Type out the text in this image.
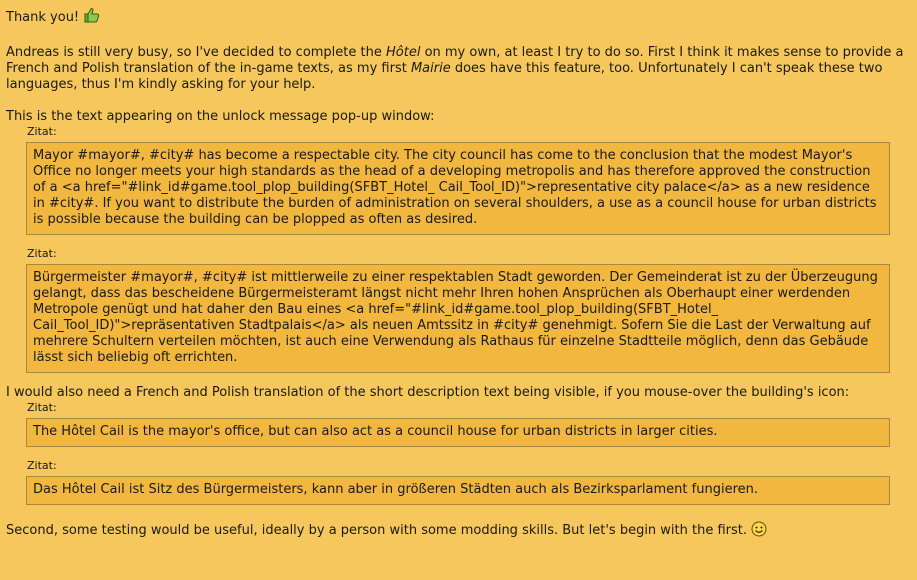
Thank you!

Andreas is still very busy, so I've decided to complete the Hôtel on my own, at least I try to do so. First I think it makes sense to provide a French and Polish translation of the in-game texts, as my first Mairie does have this feature, too. Unfortunately I can't speak these two languages, thus I'm kindly asking for your help.

This is the text appearing on the unlock message pop-up window:

Zitat:
Mayor #mayor#, #city# has become a respectable city. The city council has come to the conclusion that the modest Mayor's Office no longer meets your high standards as the head of a developing metropolis and has therefore approved the construction of a <a href="#link_id#game.tool_plop_building(SFBT_Hotel_ Cail_Tool_ID)">representative city palace</a> as a new residence in #city#. If you want to distribute the burden of administration on several shoulders, a use as a council house for urban districts is possible because the building can be plopped as often as desired.
Zitat:
Bürgermeister #mayor#, #city# ist mittlerweile zu einer respektablen Stadt geworden. Der Gemeinderat ist zu der Überzeugung gelangt, dass das bescheidene Bürgermeisteramt längst nicht mehr Ihren hohen Ansprüchen als Oberhaupt einer werdenden Metropole genügt und hat daher den Bau eines <a href="#link_id#game.tool_plop_building(SFBT_Hotel_ Cail_Tool_ID)">repräsentativen Stadtpalais</a> als neuen Amtssitz in #city# genehmigt. Sofern Sie die Last der Verwaltung auf mehrere Schultern verteilen möchten, ist auch eine Verwendung als Rathaus für einzelne Stadtteile möglich, denn das Gebäude lässt sich beliebig oft errichten.

I would also need a French and Polish translation of the short description text being visible, if you mouse-over the building's icon:

Zitat:
The Hôtel Cail is the mayor's office, but can also act as a council house for urban districts in larger cities.
Zitat:
Das Hôtel Cail ist Sitz des Bürgermeisters, kann aber in größeren Städten auch als Bezirksparlament fungieren.

Second, some testing would be useful, ideally by a person with some modding skills. But let's begin with the first.
